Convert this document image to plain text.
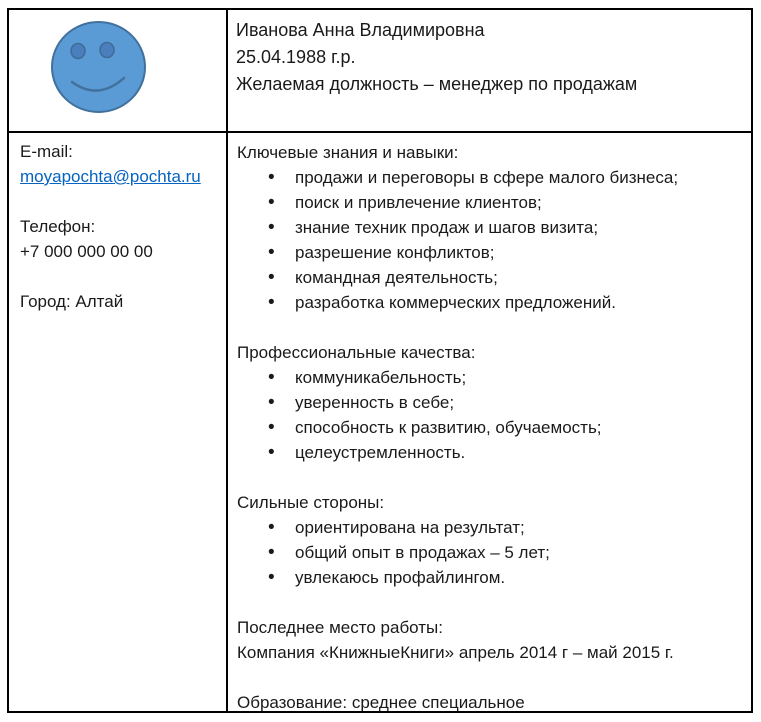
Иванова Анна Владимировна
25.04.1988 г.р.
Желаемая должность – менеджер по продажам
E-mail:
moyapochta@pochta.ru
Телефон:
+7 000 000 00 00
Город: Алтай
Ключевые знания и навыки:
• продажи и переговоры в сфере малого бизнеса;
• поиск и привлечение клиентов;
• знание техник продаж и шагов визита;
• разрешение конфликтов;
• командная деятельность;
• разработка коммерческих предложений.
Профессиональные качества:
• коммуникабельность;
• уверенность в себе;
• способность к развитию, обучаемость;
• целеустремленность.
Сильные стороны:
• ориентирована на результат;
• общий опыт в продажах – 5 лет;
• увлекаюсь профайлингом.
Последнее место работы:
Компания «КнижныеКниги» апрель 2014 г – май 2015 г.
Образование: среднее специальное
